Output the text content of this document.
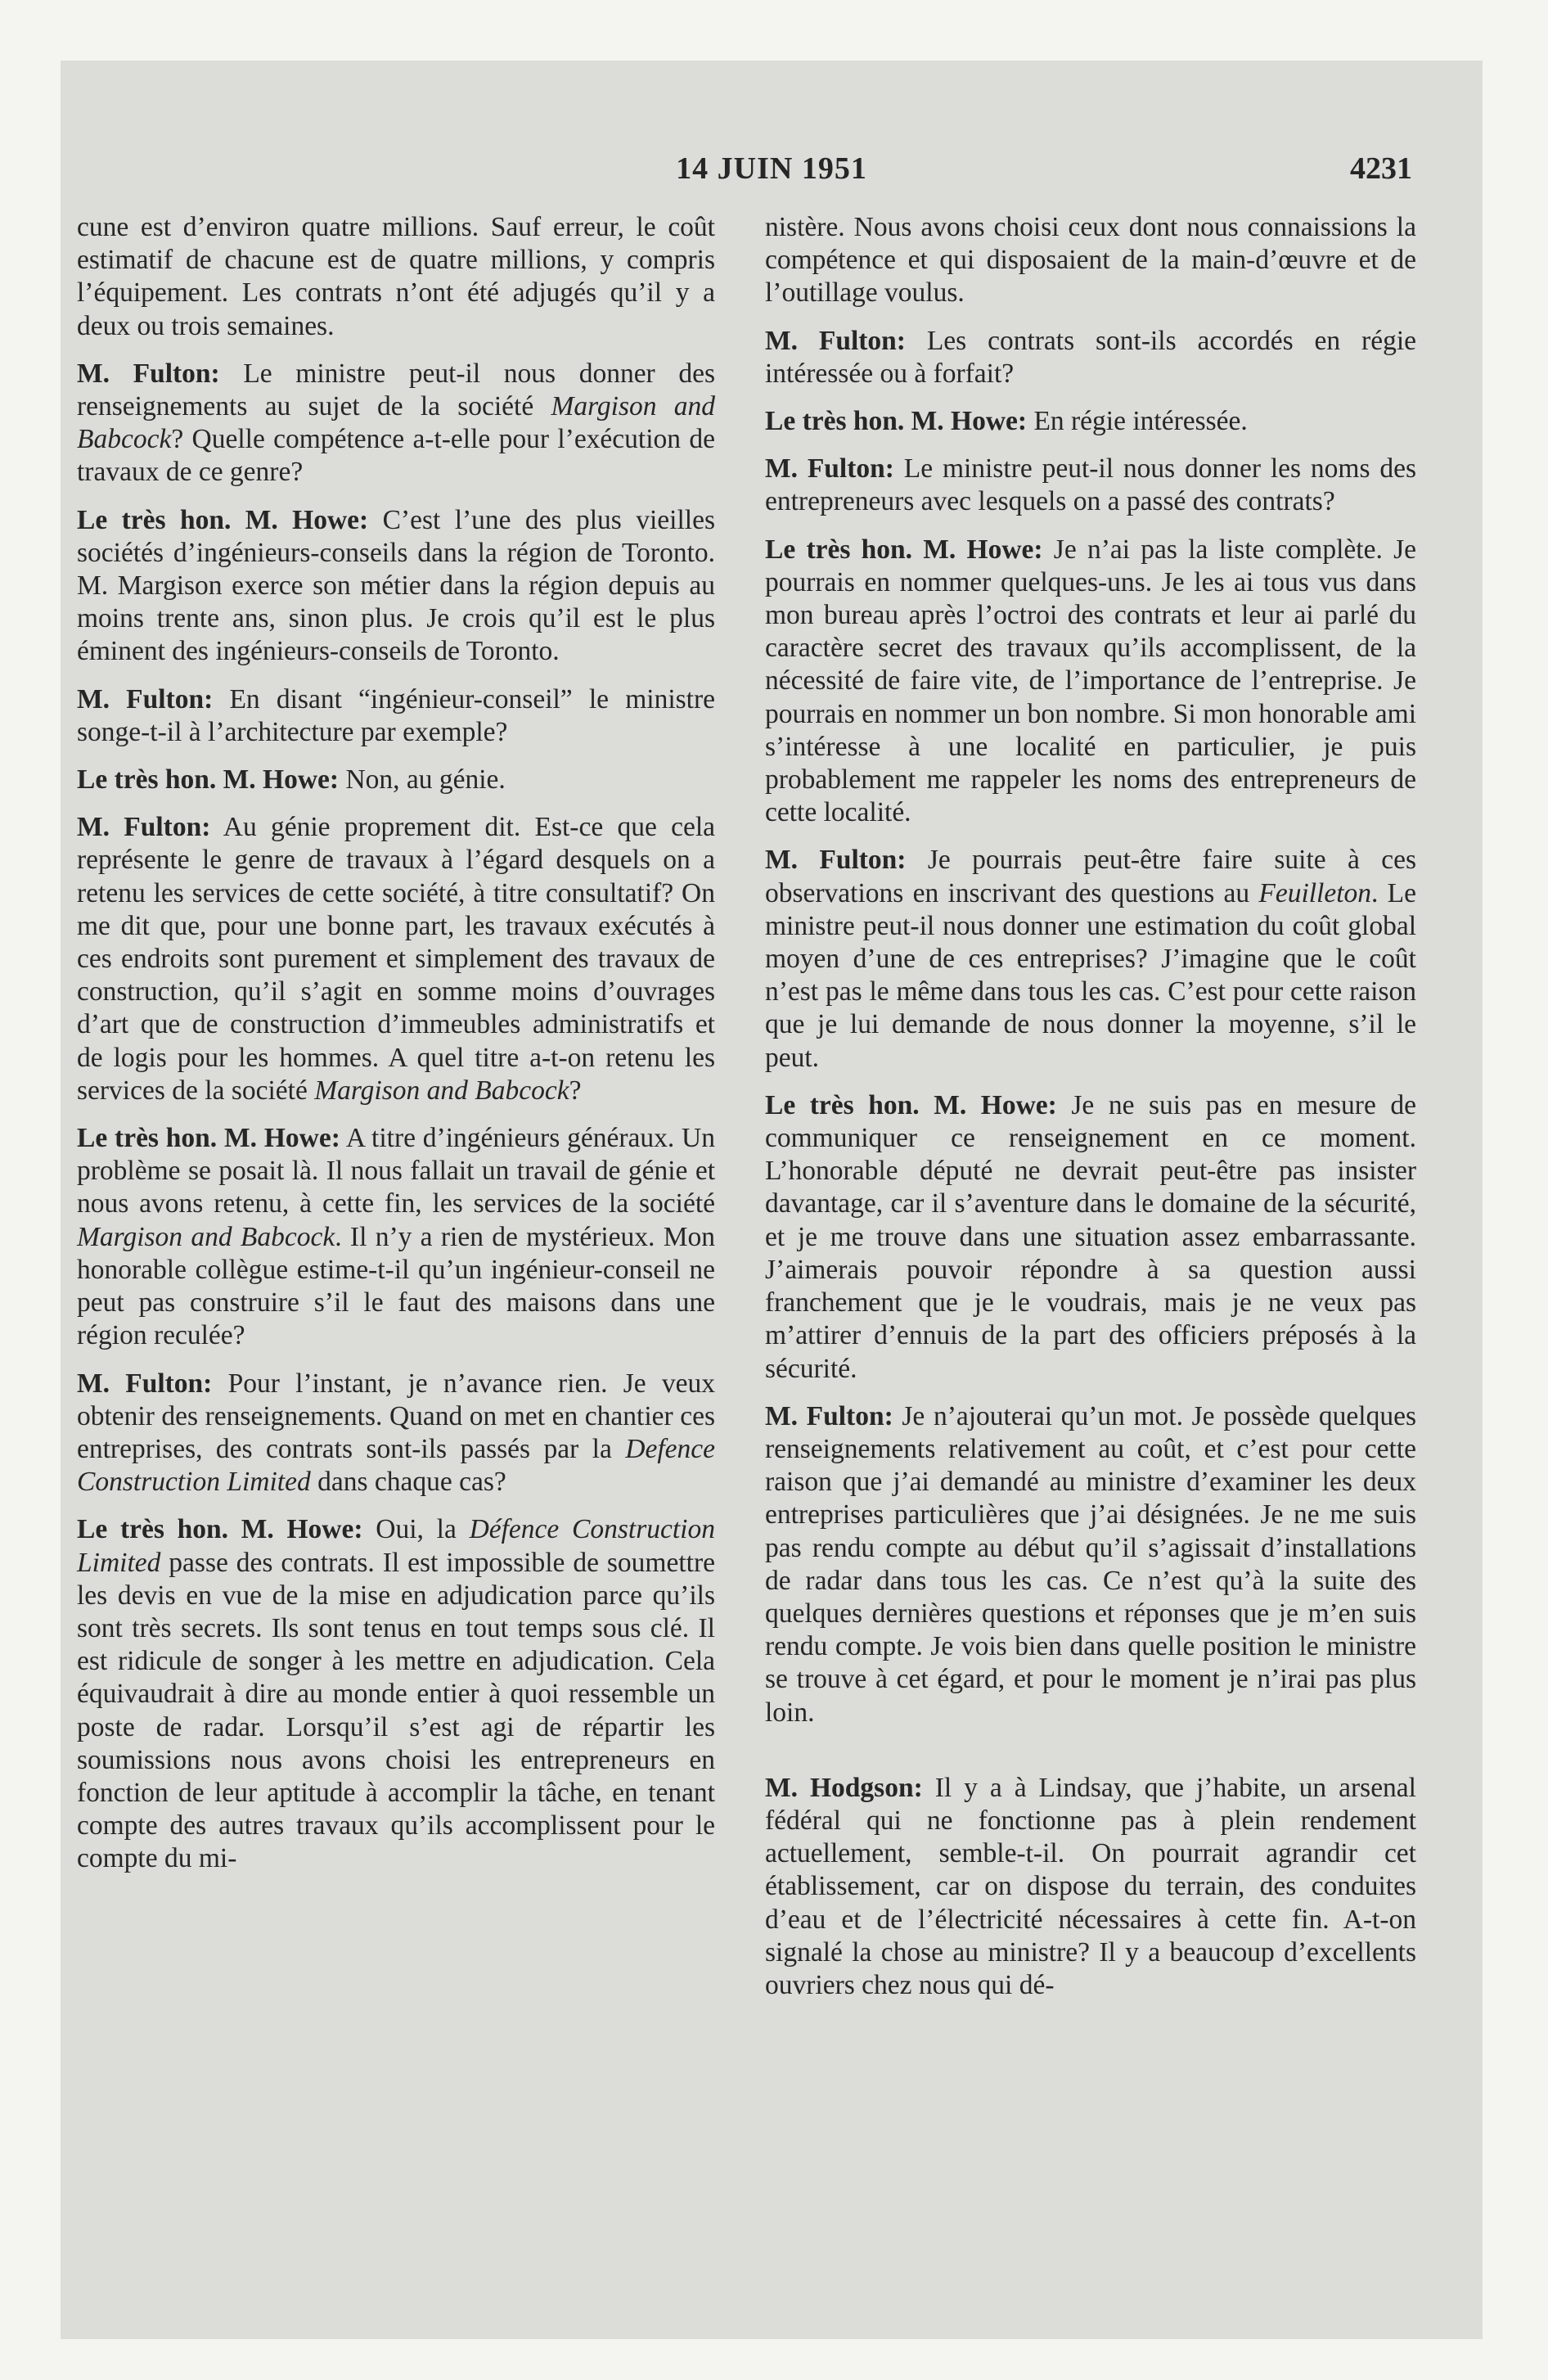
14 JUIN 1951	4231

cune est d’environ quatre millions. Sauf erreur, le coût estimatif de chacune est de quatre millions, y compris l’équipement. Les contrats n’ont été adjugés qu’il y a deux ou trois semaines.

M. Fulton: Le ministre peut-il nous donner des renseignements au sujet de la société Margison and Babcock? Quelle compétence a-t-elle pour l’exécution de travaux de ce genre?

Le très hon. M. Howe: C’est l’une des plus vieilles sociétés d’ingénieurs-conseils dans la région de Toronto. M. Margison exerce son métier dans la région depuis au moins trente ans, sinon plus. Je crois qu’il est le plus éminent des ingénieurs-conseils de Toronto.

M. Fulton: En disant “ingénieur-conseil” le ministre songe-t-il à l’architecture par exemple?

Le très hon. M. Howe: Non, au génie.

M. Fulton: Au génie proprement dit. Est-ce que cela représente le genre de travaux à l’égard desquels on a retenu les services de cette société, à titre consultatif? On me dit que, pour une bonne part, les travaux exécutés à ces endroits sont purement et simplement des travaux de construction, qu’il s’agit en somme moins d’ouvrages d’art que de construction d’immeubles administratifs et de logis pour les hommes. A quel titre a-t-on retenu les services de la société Margison and Babcock?

Le très hon. M. Howe: A titre d’ingénieurs généraux. Un problème se posait là. Il nous fallait un travail de génie et nous avons retenu, à cette fin, les services de la société Margison and Babcock. Il n’y a rien de mystérieux. Mon honorable collègue estime-t-il qu’un ingénieur-conseil ne peut pas construire s’il le faut des maisons dans une région reculée?

M. Fulton: Pour l’instant, je n’avance rien. Je veux obtenir des renseignements. Quand on met en chantier ces entreprises, des contrats sont-ils passés par la Defence Construction Limited dans chaque cas?

Le très hon. M. Howe: Oui, la Défence Construction Limited passe des contrats. Il est impossible de soumettre les devis en vue de la mise en adjudication parce qu’ils sont très secrets. Ils sont tenus en tout temps sous clé. Il est ridicule de songer à les mettre en adjudication. Cela équivaudrait à dire au monde entier à quoi ressemble un poste de radar. Lorsqu’il s’est agi de répartir les soumissions nous avons choisi les entrepreneurs en fonction de leur aptitude à accomplir la tâche, en tenant compte des autres travaux qu’ils accomplissent pour le compte du mi-

nistère. Nous avons choisi ceux dont nous connaissions la compétence et qui disposaient de la main-d’œuvre et de l’outillage voulus.

M. Fulton: Les contrats sont-ils accordés en régie intéressée ou à forfait?

Le très hon. M. Howe: En régie intéressée.

M. Fulton: Le ministre peut-il nous donner les noms des entrepreneurs avec lesquels on a passé des contrats?

Le très hon. M. Howe: Je n’ai pas la liste complète. Je pourrais en nommer quelques-uns. Je les ai tous vus dans mon bureau après l’octroi des contrats et leur ai parlé du caractère secret des travaux qu’ils accomplissent, de la nécessité de faire vite, de l’importance de l’entreprise. Je pourrais en nommer un bon nombre. Si mon honorable ami s’intéresse à une localité en particulier, je puis probablement me rappeler les noms des entrepreneurs de cette localité.

M. Fulton: Je pourrais peut-être faire suite à ces observations en inscrivant des questions au Feuilleton. Le ministre peut-il nous donner une estimation du coût global moyen d’une de ces entreprises? J’imagine que le coût n’est pas le même dans tous les cas. C’est pour cette raison que je lui demande de nous donner la moyenne, s’il le peut.

Le très hon. M. Howe: Je ne suis pas en mesure de communiquer ce renseignement en ce moment. L’honorable député ne devrait peut-être pas insister davantage, car il s’aventure dans le domaine de la sécurité, et je me trouve dans une situation assez embarrassante. J’aimerais pouvoir répondre à sa question aussi franchement que je le voudrais, mais je ne veux pas m’attirer d’ennuis de la part des officiers préposés à la sécurité.

M. Fulton: Je n’ajouterai qu’un mot. Je possède quelques renseignements relativement au coût, et c’est pour cette raison que j’ai demandé au ministre d’examiner les deux entreprises particulières que j’ai désignées. Je ne me suis pas rendu compte au début qu’il s’agissait d’installations de radar dans tous les cas. Ce n’est qu’à la suite des quelques dernières questions et réponses que je m’en suis rendu compte. Je vois bien dans quelle position le ministre se trouve à cet égard, et pour le moment je n’irai pas plus loin.

M. Hodgson: Il y a à Lindsay, que j’habite, un arsenal fédéral qui ne fonctionne pas à plein rendement actuellement, semble-t-il. On pourrait agrandir cet établissement, car on dispose du terrain, des conduites d’eau et de l’électricité nécessaires à cette fin. A-t-on signalé la chose au ministre? Il y a beaucoup d’excellents ouvriers chez nous qui dé-
